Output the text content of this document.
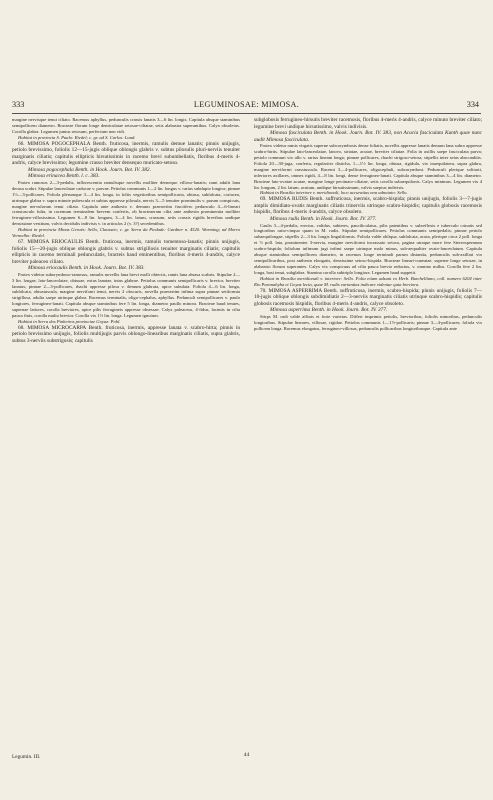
333	LEGUMINOSAE: MIMOSA.	334

margine nervisque tenui ciliato. Racemus aphyllus, pedunculis crassis lanatis 3—6 lin. longis. Capitula absque staminibus semipollicem diametro. Bracteae florum longe denticulatae setosae-ciliatae, setis alabastra superantibus. Calyx obsoletus. Corolla glabra. Legumen junius setosum, perfectum non vidi.

Habitat in provincia S. Paulo: Riedel; c. gr. ad S. Carlos: Lund.

66. MIMOSA POGOCEPHALA Benth. fruticosa, inermis, ramulis demue lanatis; pinnis unijugis, petiolo brevissimo, foliolis 12—15-jugis oblique oblongis glabris v. subtus pilosulis pluri-nerviis tenuiter marginatis ciliatis; capitulis ellipticis hirsutissimis in racemo brevi subumbellatis, floribus 4-meris 4-andris, calyce brevissimo; legumine crasso breviter densequo muricato-setoso.

Mimosa pogocephala Benth. in Hook. Journ. Bot. IV. 382.

Mimosa erinacea Benth. l. c. 383.

Frutex ramosus 2—3-pedalis, inflorescentia ramulisque novellis molliter densequo villoso-lanatis; rami adulti lana derasa scabri. Stipulae lanceolatae caducae v. parvae. Petiolus communis 1—2 lin. longus v. rarius subdupio longior; pinnae 1½—3-pollicares. Foliola plerumque 3—4 lin. longa, in foliis vegetioribus semipollicaria, obtusa, subfalcata, coriacea, utrimque glabra v. supra minute pubescula et subtus appresse pilosula, nervis 3—5 tenuiter prominulis v. parum conspicuis, margine nervulorum tenui ciliato. Capitula ante anthesin v. demum praesertim fructifero pedunculo 4—6-lineari crassiusculo fulta, in racemum terminalem brevem confertis, ob bracteaeram cilia ante anthesin prominentia molliter ferrugineo-villosissima. Legumen 6—8 lin. longum, 3—4 lin. latum, crassum, setis crassis rigidis brevibus undique densissime vestitum, valvis decidulis indivisis v. in articulos 2 (v. 3?) secedentibus.

Habitat in provincia Minas Geraës: Sello, Claussen; c. gr. Serra da Piedade: Gardner n. 4520. Warming; ad Morro Vermelho: Riedel.

67. MIMOSA ERIOCAULIS Benth. fruticosa, inermis, ramulis tomentoso-lanatis; pinnis unijugis, foliolis 15—20-jugis oblique oblongis glabris v. subtus strigillosis tenuiter marginatis ciliatis; capitulis ellipticis in racemo terminali pedunculatis, bracteis haud eminentibus, floribus 4-meris 4-andris, calyce breviter paleaceo ciliato.

Mimosa eriocaulis Benth. in Hook. Journ. Bot. IV. 383.

Frutex videtur suborymboso-ramosus, ramulis novellis lana brevi molli obtectis, ramis lana abrasa scabris. Stipulae 2—3 lin. longae, lato-lanceolatae, obtusae, extus lanatae, intus glabrae. Petiolus communis semipollicaris v. brevior, breviter lanatus; pinnae 2—3-pollicares, rhachi appresse pilosa v. demum glabrata, apice subulata. Foliola 4—6 lin. longa, subfalcata, obtusiuscula, margine nervifomi tenui, nervis 2 obscuris, novella praesertim infima supra pinnae setiformia strigillosa, adulta saepe utrinque glabra. Racemus terminalis, oligo-cephalus, aphyllus. Pedunculi semipollicares v. paulo longiores, ferrugineo-lanati. Capitula absque staminibus fere 5 lin. longa, diametro paullo minora. Bracteae haud tenues, supernae latiores, corolla breviores, apice pilis ferrugineis appresse obsessae. Calyx paleaceus, 4-fidus, laciniis in cilia pauca finis, corolla multo brevior. Corolla vix 1½ lin. longa. Legumen ignotum.

Habitat in Serra dos Pinheiros provinciae Goyaz: Pohl.

68. MIMOSA MICROCARPA Benth. fruticosa, inermis, appresse lanata v. scabro-hirta; pinnis in petiolo brevissimo unijugis, foliolis multijugis parvis oblongo-linearibus marginatis ciliatis, supra glabris, subtus 3-nerviis substrigosis; capitulis

subglobosis ferrugineo-hirsutis breviter racemosis, floribus 4-meris 4-andris, calyce minuto breviter ciliato; legumine brevi undique hirsutissimo, valvis indivisis.

Mimosa fasciculata Benth. in Hook. Journ. Bot. IV. 383, non Acacia fasciculata Kunth quae nunc audit Mimosa fasciculata.

Frutex videtur ramis virgatis superne subcorymbosis dense foliatis, novellis appresse lanatis demum lana subro appresse scabro-hirtis. Stipulae lato-lanceolatae, lanceo, striatae, acutae, breviter ciliatae. Folia in axillis saepe fasciculata parva; petiolo communi vix ullo v. rarius lineam longo; pinnae pollicares, rhachi strigoso-setosa, stipellis inter setas absconditis. Foliola 20—30-juga, conferta, regulariter disticha, 1—1½ lin. longa, obtusa, rigidula, vix inaequilatera, supra glabra, margine nerviformi crassiuscula. Racemi 3—4-pollicares, oligocephali, subcorymbosi. Pedunculi plerique solitarii, inferiores axillares, omnes rigidi, 4—8 lin. longi, dense ferrugineo-lanati. Capitula absque staminibus 3—4 lin. diametro. Bracteae lato-ovatae acutae, margine longe pectinato-ciliatae, setis corolla subaequilonis. Calyx minimus. Legumen vix 4 lin. longum, 2 lin. latum, acutum, undique hirsutissimum, valvis saepius indivisis.

Habitat in Brasilia interiore v. meridionali, loco accuratius non adnotato: Sello.

69. MIMOSA RUDIS Benth. suffruticosa, inermis, scabro-hispida; pinnis unijugis, foliolis 3—7-jugis amplis dimidiato-ovatis marginatis ciliatis trinerviis utrinque scabro-hispidis; capitulis globosis racemosis hispidis, floribus 4-meris 4-andris, calyce obsoleto.

Mimosa rudis Benth. in Hook. Journ. Bot. IV. 377.

Caulis 3—4-pedalis, erectus, validus, subteres, panciliculatus, pilis patentibus v. subreflexis e tuberculo crinatis sed longioribus ratio-cinquo quam in M. rudis. Stipulae semipollicares. Petiolus communis semipedalis; pinnae petiolo subaequilongae, stipellis 2—3 lin. longis linguliformis. Foliola valde obliqua, subfalcata, acuta, plerique circa 2 poll. longa et ½ poll. lata, prominenter 3-nervia, margine nerviformi incrassato setoso, pagina utraque more fere Stereospermum scabro-hispida; foliolum infimum jugi infimi saepe utrinque malo minus, sub-aequaliter ovato-lanceolatum. Capitula absque staminibus semipollicem diametro, in racemos longe terminali parum distantia, pedunculis sub-axillari vix semipollicaribus, post anthesin elongatis, densissime setoso-hispida. Bracteae lineari-cuneatae, superne longe setosae, in alabastro florum superantes. Calyx vix conspicuus ad cilia pauca brevia reductus, v. omnino nullus. Corolla fere 2 lin. longa, basi tenui, subglabra. Stamina corolla subtriplo longiora. Legumen haud suppetit.

Habitat in Brasilia meridionali v. interiore: Sello. Folia etiam adsunt ex Herb. Burchelliano, coll. numero 6204 inter Rio Paranahyba et Goyaz lecta, quae M. rudis variantias indicare videntur quia breviora.

70. MIMOSA ASPERRIMA Benth. suffruticosa, inermis, scabro-hispida; pinnis unijugis, foliolis 7—10-jugis oblique oblongis subdimidiatis 2—3-nerviis marginatis ciliatis utrinque scabro-hispidis; capitulis globosis racemosis hispidis, floribus 4-meris 4-andris, calyce obsoleto.

Mimosa asperrima Benth. in Hook. Journ. Bot. IV. 377.

Stirps M. rudi valde affinis et forte varietas. Differt imprimis petiolis, brevioribus, foliolis minoribus, pedunculis longioribus. Stipulae lineares, villosae, rigidae. Petiolus communis 1—1½-pollicaris; pinnae 3—4-pollicares; foliola vix pollicem longa. Racemus elongatus, ferrugineo-villosus, pedunculis pollicaribus longioribusque. Capitula ante

Legumin. III.	44
